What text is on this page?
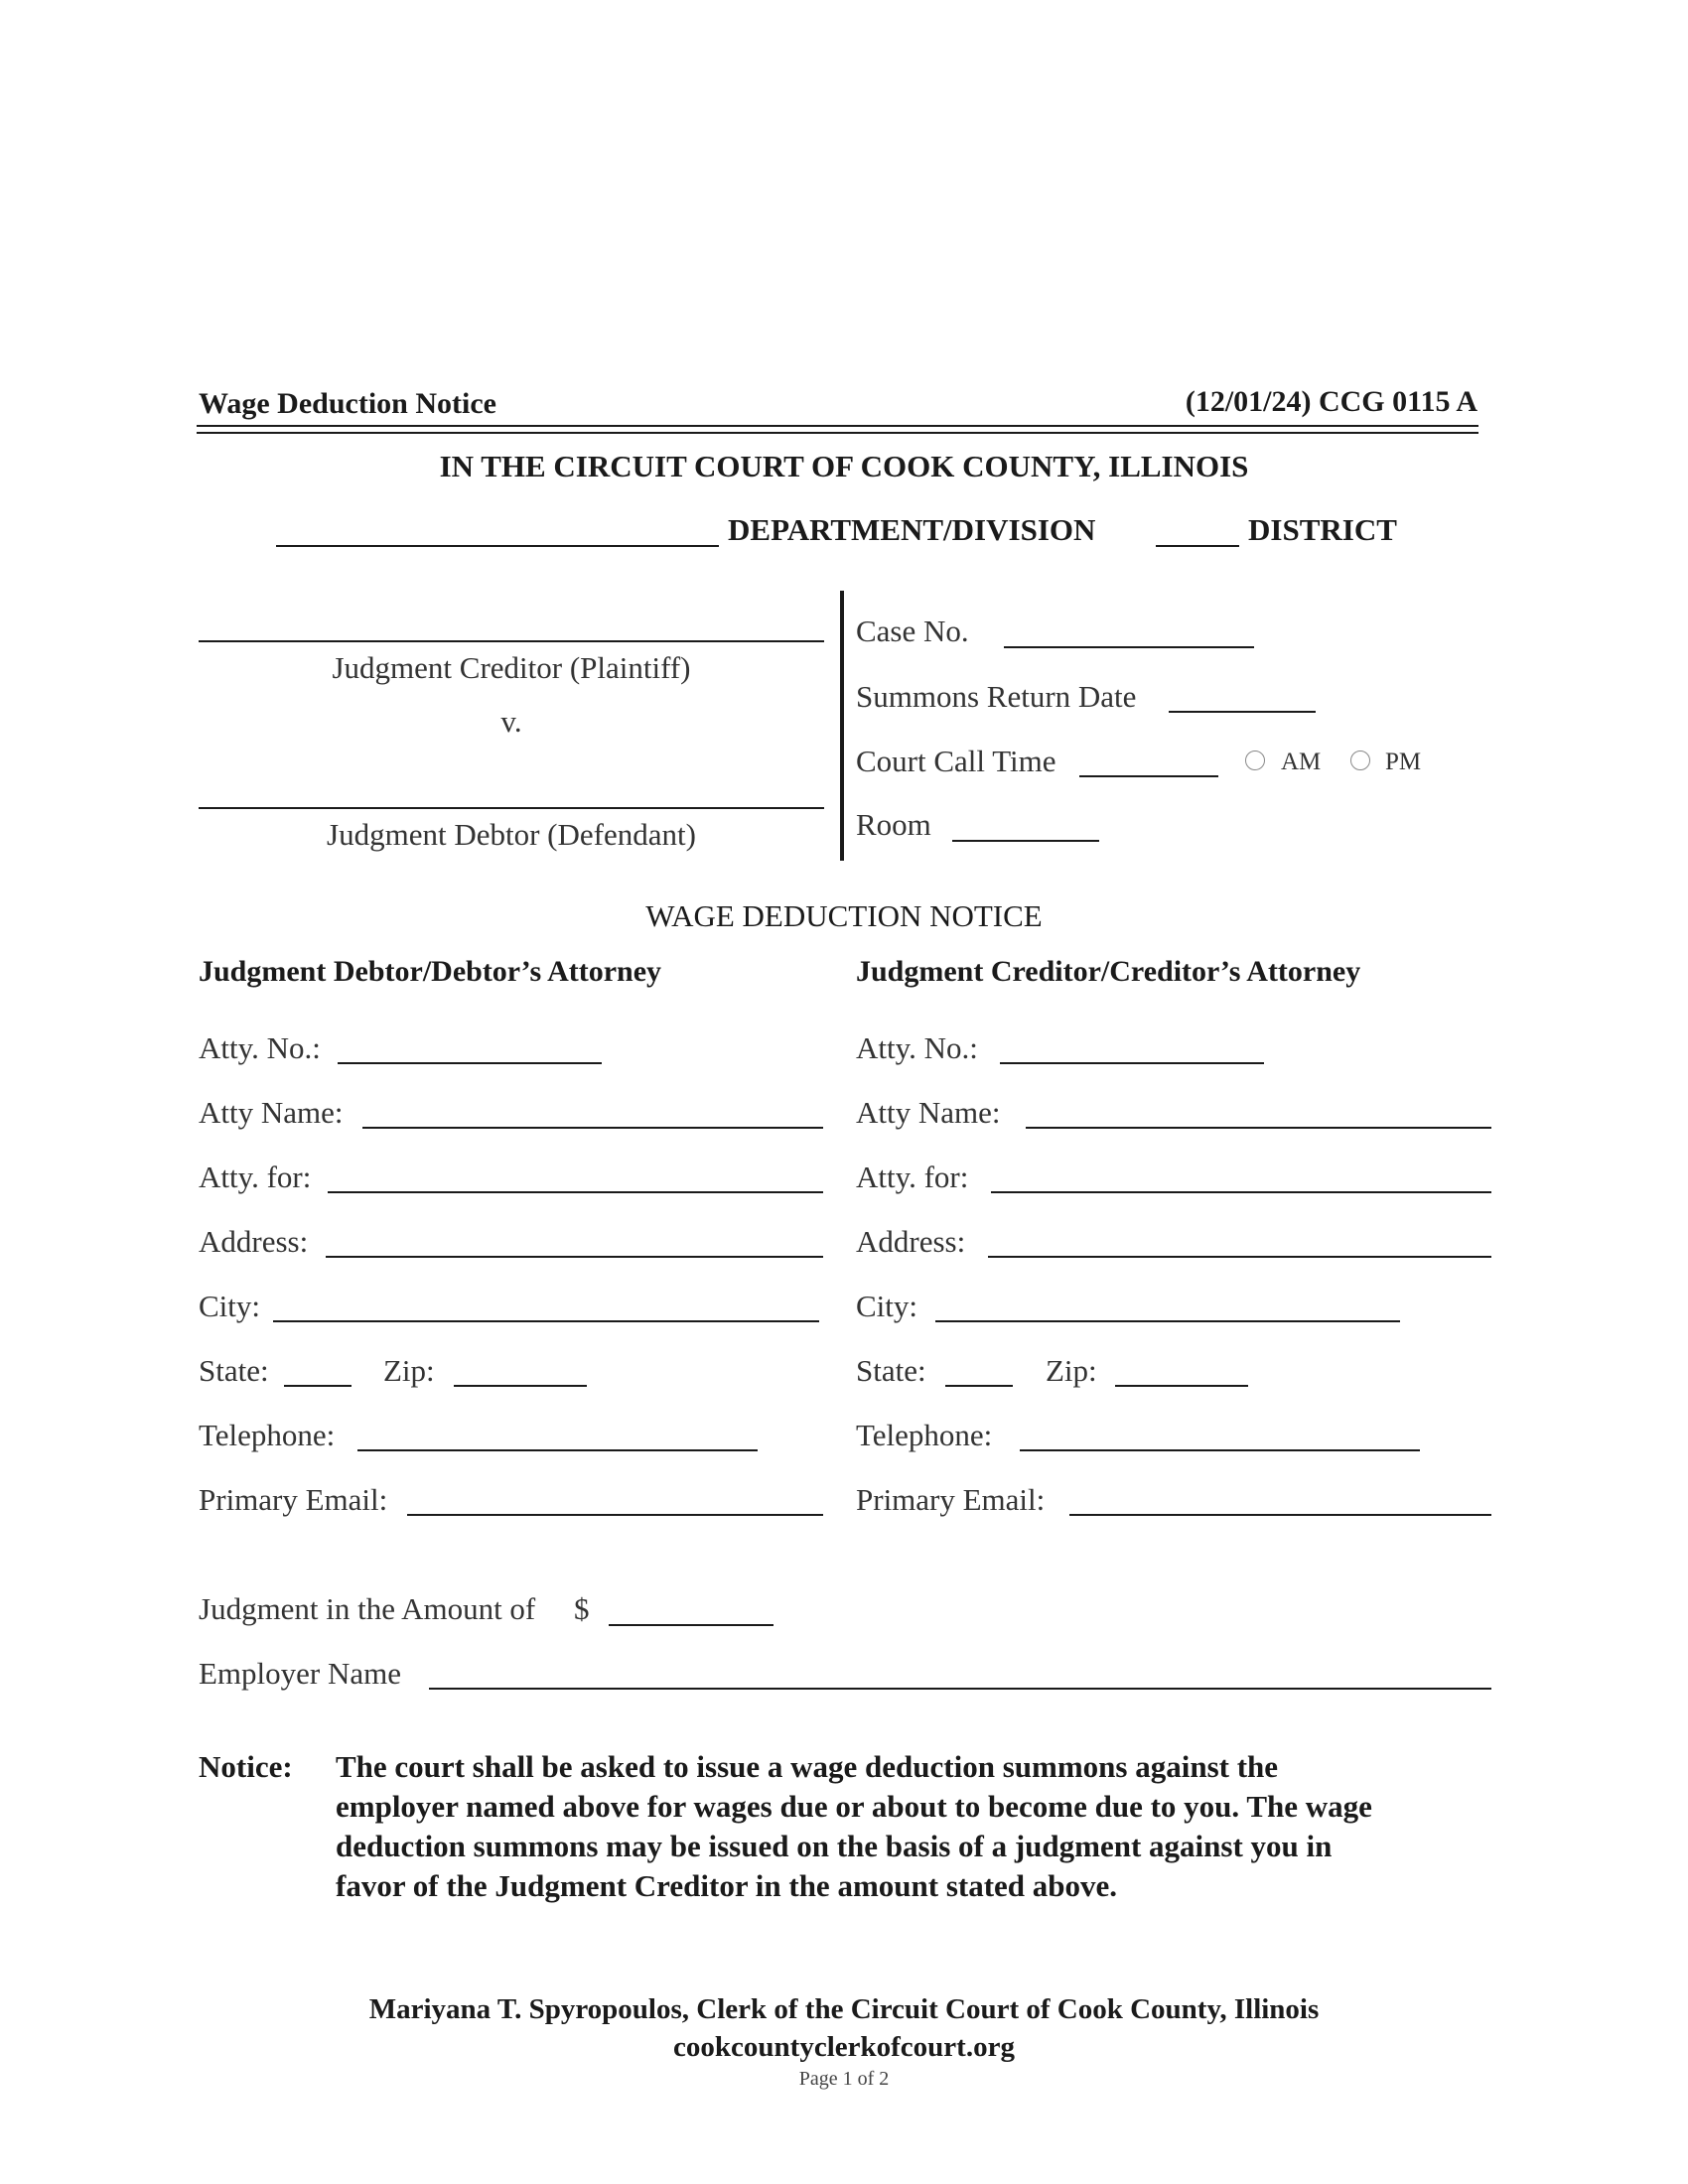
Wage Deduction Notice	(12/01/24) CCG 0115 A
IN THE CIRCUIT COURT OF COOK COUNTY, ILLINOIS
DEPARTMENT/DIVISION	DISTRICT
Judgment Creditor (Plaintiff)
v.
Judgment Debtor (Defendant)
Case No.
Summons Return Date
Court Call Time	AM	PM
Room
WAGE DEDUCTION NOTICE
Judgment Debtor/Debtor’s Attorney	Judgment Creditor/Creditor’s Attorney
Atty. No.:
Atty Name:
Atty. for:
Address:
City:
State:	Zip:
Telephone:
Primary Email:
Atty. No.:
Atty Name:
Atty. for:
Address:
City:
State:	Zip:
Telephone:
Primary Email:
Judgment in the Amount of $
Employer Name
Notice: The court shall be asked to issue a wage deduction summons against the
employer named above for wages due or about to become due to you. The wage
deduction summons may be issued on the basis of a judgment against you in
favor of the Judgment Creditor in the amount stated above.
Mariyana T. Spyropoulos, Clerk of the Circuit Court of Cook County, Illinois
cookcountyclerkofcourt.org
Page 1 of 2
